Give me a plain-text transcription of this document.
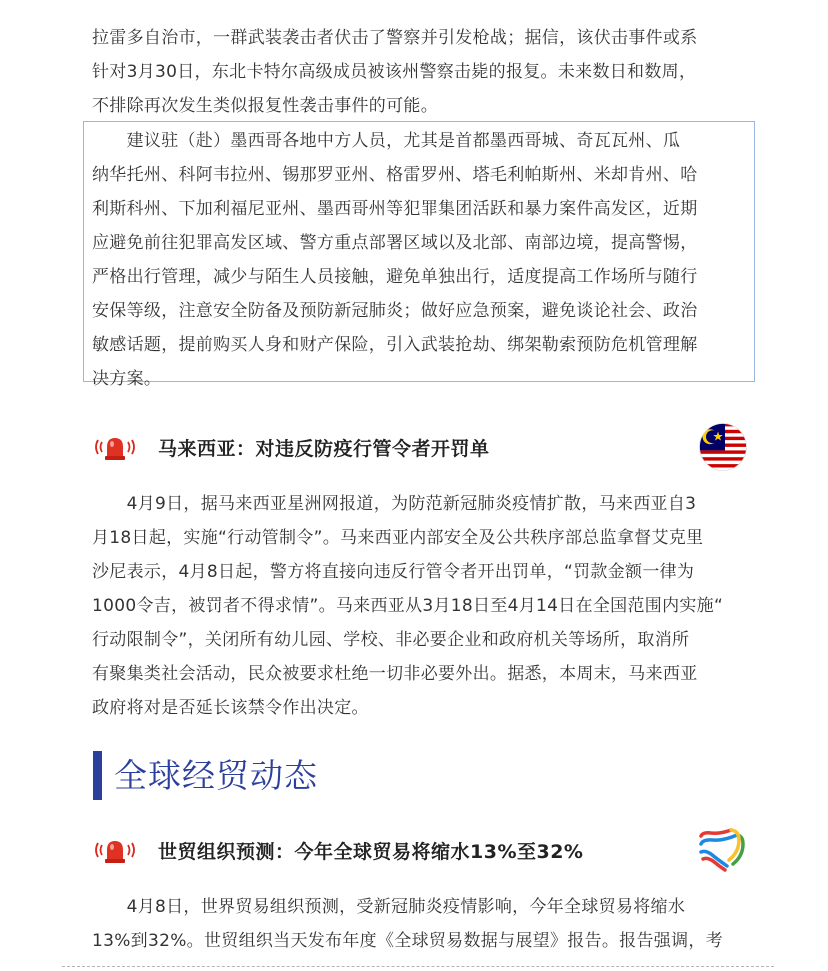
拉雷多自治市，一群武装袭击者伏击了警察并引发枪战；据信，该伏击事件或系
针对3月30日，东北卡特尔高级成员被该州警察击毙的报复。未来数日和数周，
不排除再次发生类似报复性袭击事件的可能。
　　建议驻（赴）墨西哥各地中方人员，尤其是首都墨西哥城、奇瓦瓦州、瓜
纳华托州、科阿韦拉州、锡那罗亚州、格雷罗州、塔毛利帕斯州、米却肯州、哈
利斯科州、下加利福尼亚州、墨西哥州等犯罪集团活跃和暴力案件高发区，近期
应避免前往犯罪高发区域、警方重点部署区域以及北部、南部边境，提高警惕，
严格出行管理，减少与陌生人员接触，避免单独出行，适度提高工作场所与随行
安保等级，注意安全防备及预防新冠肺炎；做好应急预案，避免谈论社会、政治
敏感话题，提前购买人身和财产保险，引入武装抢劫、绑架勒索预防危机管理解
决方案。
马来西亚：对违反防疫行管令者开罚单
　　4月9日，据马来西亚星洲网报道，为防范新冠肺炎疫情扩散，马来西亚自3
月18日起，实施“行动管制令”。马来西亚内部安全及公共秩序部总监拿督艾克里
沙尼表示，4月8日起，警方将直接向违反行管令者开出罚单，“罚款金额一律为
1000令吉，被罚者不得求情”。马来西亚从3月18日至4月14日在全国范围内实施“
行动限制令”，关闭所有幼儿园、学校、非必要企业和政府机关等场所，取消所
有聚集类社会活动，民众被要求杜绝一切非必要外出。据悉，本周末，马来西亚
政府将对是否延长该禁令作出决定。
全球经贸动态
世贸组织预测：今年全球贸易将缩水13%至32%
　　4月8日，世界贸易组织预测，受新冠肺炎疫情影响，今年全球贸易将缩水
13%到32%。世贸组织当天发布年度《全球贸易数据与展望》报告。报告强调，考
